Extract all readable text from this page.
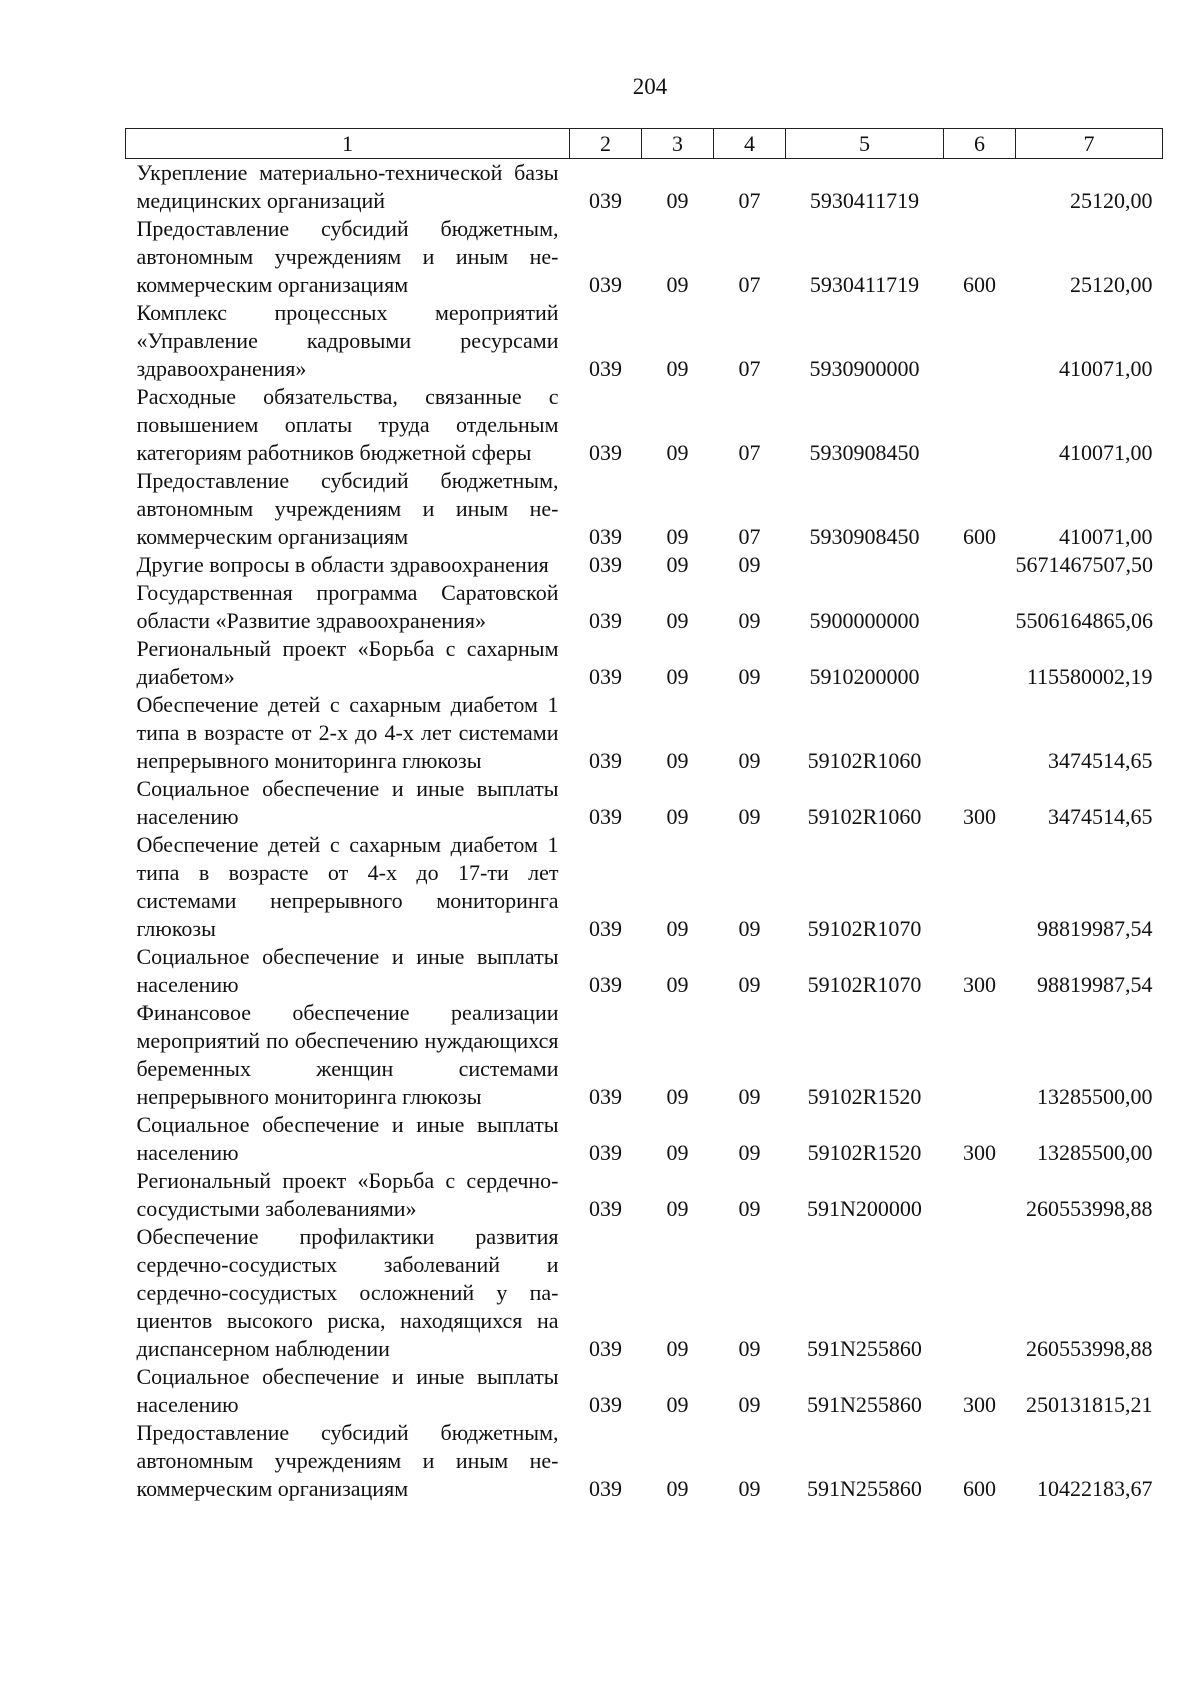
204
1	2	3	4	5	6	7
Укрепление материально-технической базы медицинских организаций	039	09	07	5930411719		25120,00
Предоставление субсидий бюджетным, автономным учреждениям и иным некоммерческим организациям	039	09	07	5930411719	600	25120,00
Комплекс процессных мероприятий «Управление кадровыми ресурсами здравоохранения»	039	09	07	5930900000		410071,00
Расходные обязательства, связанные с повышением оплаты труда отдельным категориям работников бюджетной сферы	039	09	07	5930908450		410071,00
Предоставление субсидий бюджетным, автономным учреждениям и иным некоммерческим организациям	039	09	07	5930908450	600	410071,00
Другие вопросы в области здравоохранения	039	09	09			5671467507,50
Государственная программа Саратовской области «Развитие здравоохранения»	039	09	09	5900000000		5506164865,06
Региональный проект «Борьба с сахарным диабетом»	039	09	09	5910200000		115580002,19
Обеспечение детей с сахарным диабетом 1 типа в возрасте от 2-х до 4-х лет системами непрерывного мониторинга глюкозы	039	09	09	59102R1060		3474514,65
Социальное обеспечение и иные выплаты населению	039	09	09	59102R1060	300	3474514,65
Обеспечение детей с сахарным диабетом 1 типа в возрасте от 4-х до 17-ти лет системами непрерывного мониторинга глюкозы	039	09	09	59102R1070		98819987,54
Социальное обеспечение и иные выплаты населению	039	09	09	59102R1070	300	98819987,54
Финансовое обеспечение реализации мероприятий по обеспечению нуждающихся беременных женщин системами непрерывного мониторинга глюкозы	039	09	09	59102R1520		13285500,00
Социальное обеспечение и иные выплаты населению	039	09	09	59102R1520	300	13285500,00
Региональный проект «Борьба с сердечно-сосудистыми заболеваниями»	039	09	09	591N200000		260553998,88
Обеспечение профилактики развития сердечно-сосудистых заболеваний и сердечно-сосудистых осложнений у пациентов высокого риска, находящихся на диспансерном наблюдении	039	09	09	591N255860		260553998,88
Социальное обеспечение и иные выплаты населению	039	09	09	591N255860	300	250131815,21
Предоставление субсидий бюджетным, автономным учреждениям и иным некоммерческим организациям	039	09	09	591N255860	600	10422183,67
